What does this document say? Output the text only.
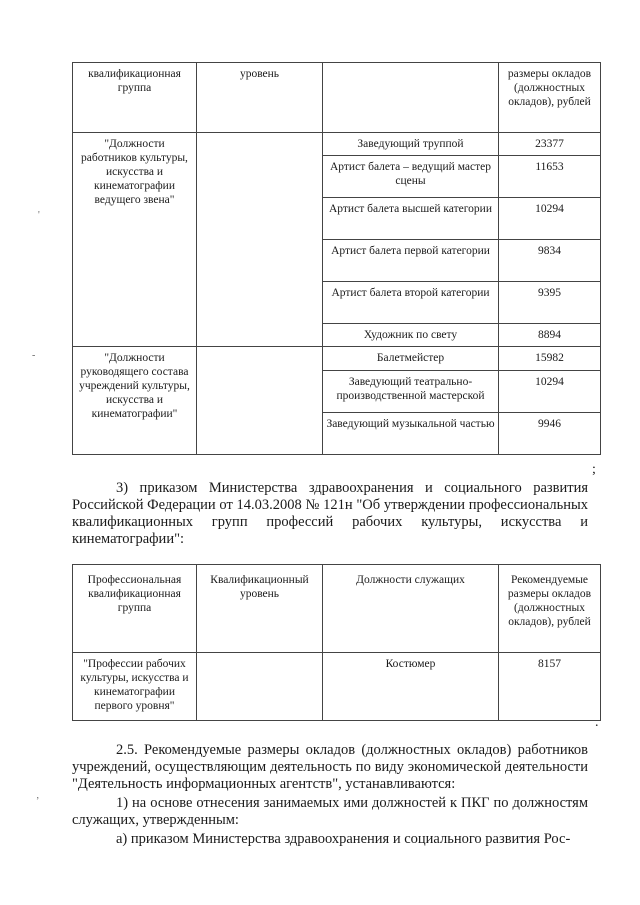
квалификационная группа	уровень		размеры окладов (должностных окладов), рублей
"Должности работников культуры, искусства и кинематографии ведущего звена"		Заведующий труппой	23377
		Артист балета – ведущий мастер сцены	11653
		Артист балета высшей категории	10294
		Артист балета первой категории	9834
		Артист балета второй категории	9395
		Художник по свету	8894
"Должности руководящего состава учреждений культуры, искусства и кинематографии"		Балетмейстер	15982
		Заведующий театрально-производственной мастерской	10294
		Заведующий музыкальной частью	9946
;

3) приказом Министерства здравоохранения и социального развития Российской Федерации от 14.03.2008 № 121н "Об утверждении профессиональных квалификационных групп профессий рабочих культуры, искусства и кинематографии":

Профессиональная квалификационная группа	Квалификационный уровень	Должности служащих	Рекомендуемые размеры окладов (должностных окладов), рублей
"Профессии рабочих культуры, искусства и кинематографии первого уровня"		Костюмер	8157
.

2.5. Рекомендуемые размеры окладов (должностных окладов) работников учреждений, осуществляющим деятельность по виду экономической деятельности "Деятельность информационных агентств", устанавливаются:

1) на основе отнесения занимаемых ими должностей к ПКГ по должностям служащих, утвержденным:

а) приказом Министерства здравоохранения и социального развития Рос-

'
-
ʼ
